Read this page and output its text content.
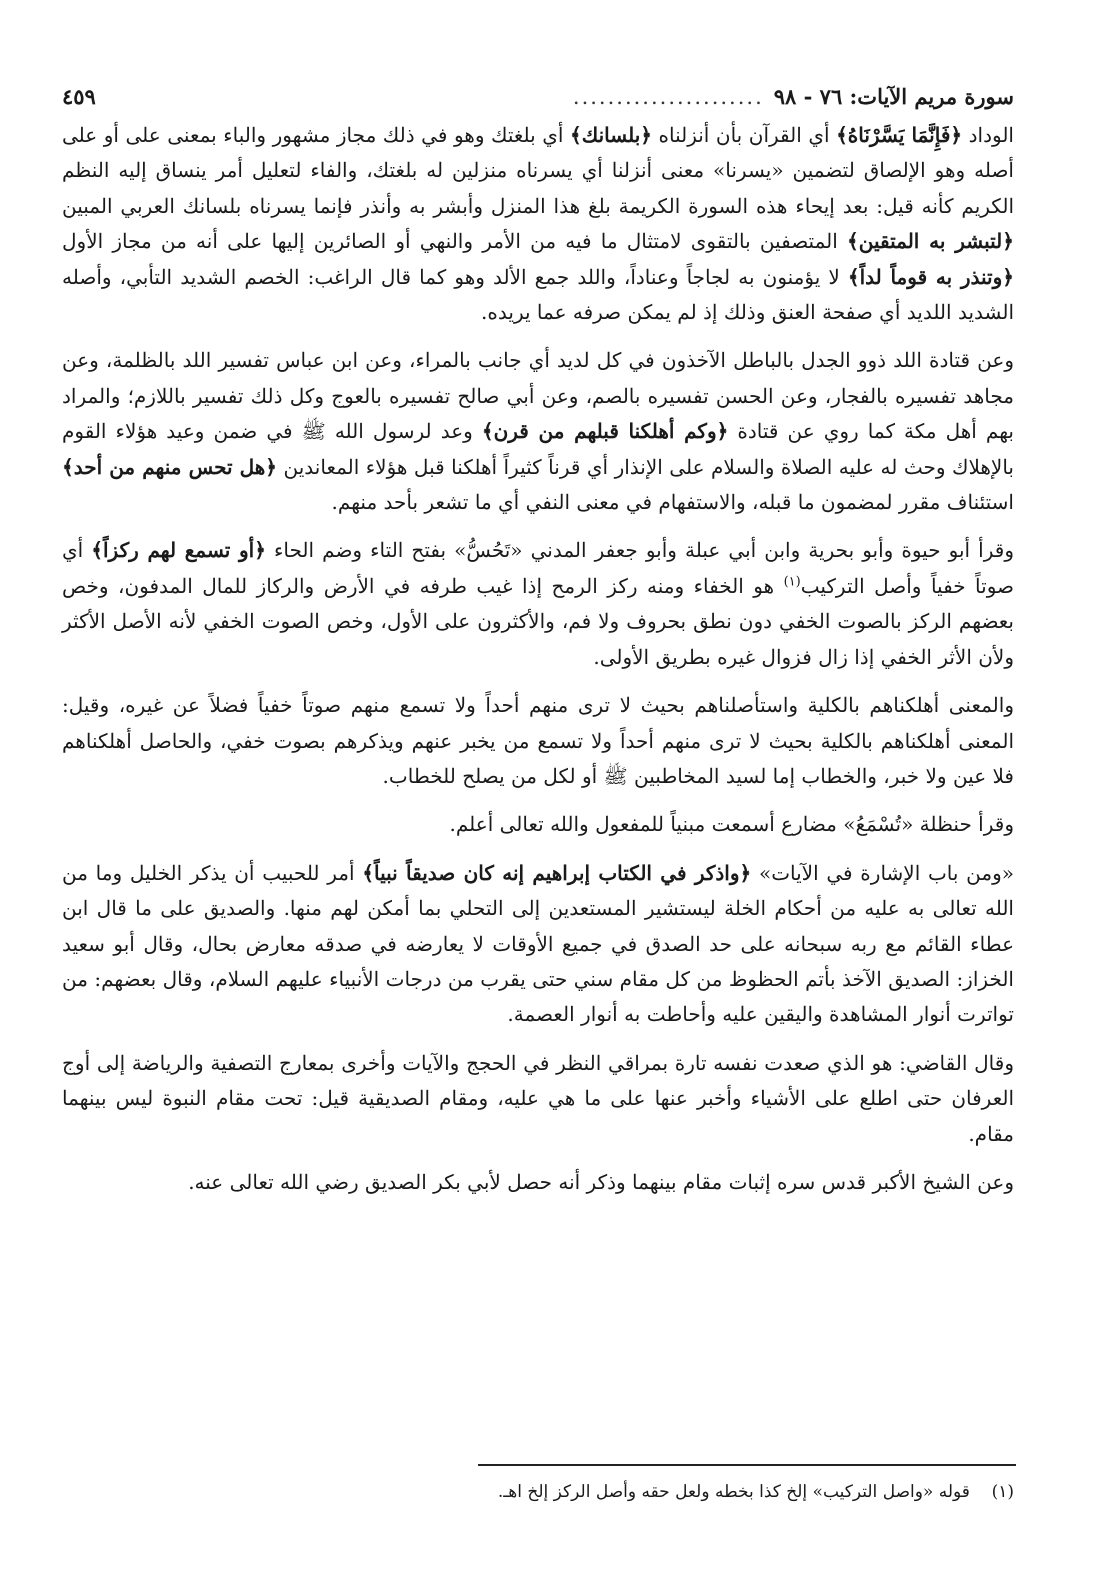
سورة مريم الآيات: ٧٦ - ٩٨
......................
٤٥٩

الوداد ﴿فَإِنَّمَا يَسَّرْنَاهُ﴾ أي القرآن بأن أنزلناه ﴿بلسانك﴾ أي بلغتك وهو في ذلك مجاز مشهور والباء بمعنى على أو على أصله وهو الإلصاق لتضمين «يسرنا» معنى أنزلنا أي يسرناه منزلين له بلغتك، والفاء لتعليل أمر ينساق إليه النظم الكريم كأنه قيل: بعد إيحاء هذه السورة الكريمة بلغ هذا المنزل وأبشر به وأنذر فإنما يسرناه بلسانك العربي المبين ﴿لتبشر به المتقين﴾ المتصفين بالتقوى لامتثال ما فيه من الأمر والنهي أو الصائرين إليها على أنه من مجاز الأول ﴿وتنذر به قوماً لداً﴾ لا يؤمنون به لجاجاً وعناداً، واللد جمع الألد وهو كما قال الراغب: الخصم الشديد التأبي، وأصله الشديد اللديد أي صفحة العنق وذلك إذ لم يمكن صرفه عما يريده.

وعن قتادة اللد ذوو الجدل بالباطل الآخذون في كل لديد أي جانب بالمراء، وعن ابن عباس تفسير اللد بالظلمة، وعن مجاهد تفسيره بالفجار، وعن الحسن تفسيره بالصم، وعن أبي صالح تفسيره بالعوج وكل ذلك تفسير باللازم؛ والمراد بهم أهل مكة كما روي عن قتادة ﴿وكم أهلكنا قبلهم من قرن﴾ وعد لرسول الله ﷺ في ضمن وعيد هؤلاء القوم بالإهلاك وحث له عليه الصلاة والسلام على الإنذار أي قرناً كثيراً أهلكنا قبل هؤلاء المعاندين ﴿هل تحس منهم من أحد﴾ استئناف مقرر لمضمون ما قبله، والاستفهام في معنى النفي أي ما تشعر بأحد منهم.

وقرأ أبو حيوة وأبو بحرية وابن أبي عبلة وأبو جعفر المدني «تَحُسُّ» بفتح التاء وضم الحاء ﴿أو تسمع لهم ركزاً﴾ أي صوتاً خفياً وأصل التركيب$^{(١)}$ هو الخفاء ومنه ركز الرمح إذا غيب طرفه في الأرض والركاز للمال المدفون، وخص بعضهم الركز بالصوت الخفي دون نطق بحروف ولا فم، والأكثرون على الأول، وخص الصوت الخفي لأنه الأصل الأكثر ولأن الأثر الخفي إذا زال فزوال غيره بطريق الأولى.

والمعنى أهلكناهم بالكلية واستأصلناهم بحيث لا ترى منهم أحداً ولا تسمع منهم صوتاً خفياً فضلاً عن غيره، وقيل: المعنى أهلكناهم بالكلية بحيث لا ترى منهم أحداً ولا تسمع من يخبر عنهم ويذكرهم بصوت خفي، والحاصل أهلكناهم فلا عين ولا خبر، والخطاب إما لسيد المخاطبين ﷺ أو لكل من يصلح للخطاب.

وقرأ حنظلة «تُسْمَعُ» مضارع أسمعت مبنياً للمفعول والله تعالى أعلم.

«ومن باب الإشارة في الآيات» ﴿واذكر في الكتاب إبراهيم إنه كان صديقاً نبياً﴾ أمر للحبيب أن يذكر الخليل وما من الله تعالى به عليه من أحكام الخلة ليستشير المستعدين إلى التحلي بما أمكن لهم منها. والصديق على ما قال ابن عطاء القائم مع ربه سبحانه على حد الصدق في جميع الأوقات لا يعارضه في صدقه معارض بحال، وقال أبو سعيد الخزاز: الصديق الآخذ بأتم الحظوظ من كل مقام سني حتى يقرب من درجات الأنبياء عليهم السلام، وقال بعضهم: من تواترت أنوار المشاهدة واليقين عليه وأحاطت به أنوار العصمة.

وقال القاضي: هو الذي صعدت نفسه تارة بمراقي النظر في الحجج والآيات وأخرى بمعارج التصفية والرياضة إلى أوج العرفان حتى اطلع على الأشياء وأخبر عنها على ما هي عليه، ومقام الصديقية قيل: تحت مقام النبوة ليس بينهما مقام.

وعن الشيخ الأكبر قدس سره إثبات مقام بينهما وذكر أنه حصل لأبي بكر الصديق رضي الله تعالى عنه.

(١)    قوله «واصل التركيب» إلخ كذا بخطه ولعل حقه وأصل الركز إلخ اهـ.
